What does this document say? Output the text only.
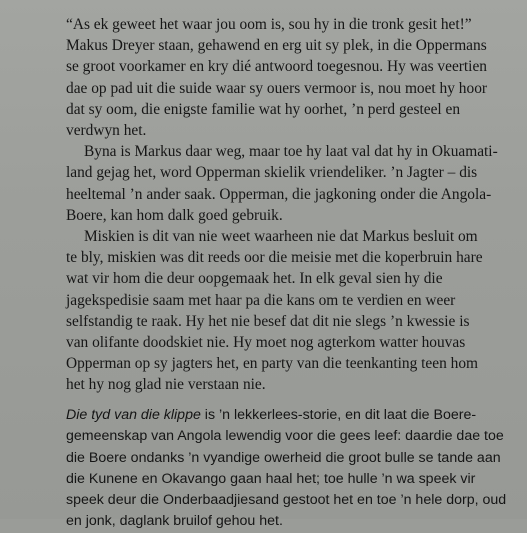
“As ek geweet het waar jou oom is, sou hy in die tronk gesit het!”
Makus Dreyer staan, gehawend en erg uit sy plek, in die Oppermans
se groot voorkamer en kry dié antwoord toegesnou. Hy was veertien
dae op pad uit die suide waar sy ouers vermoor is, nou moet hy hoor
dat sy oom, die enigste familie wat hy oorhet, ’n perd gesteel en
verdwyn het.
Byna is Markus daar weg, maar toe hy laat val dat hy in Okuamati-
land gejag het, word Opperman skielik vriendeliker. ’n Jagter – dis
heeltemal ’n ander saak. Opperman, die jagkoning onder die Angola-
Boere, kan hom dalk goed gebruik.
Miskien is dit van nie weet waarheen nie dat Markus besluit om
te bly, miskien was dit reeds oor die meisie met die koperbruin hare
wat vir hom die deur oopgemaak het. In elk geval sien hy die
jagekspedisie saam met haar pa die kans om te verdien en weer
selfstandig te raak. Hy het nie besef dat dit nie slegs ’n kwessie is
van olifante doodskiet nie. Hy moet nog agterkom watter houvas
Opperman op sy jagters het, en party van die teenkanting teen hom
het hy nog glad nie verstaan nie.
Die tyd van die klippe is ’n lekkerlees-storie, en dit laat die Boere-
gemeenskap van Angola lewendig voor die gees leef: daardie dae toe
die Boere ondanks ’n vyandige owerheid die groot bulle se tande aan
die Kunene en Okavango gaan haal het; toe hulle ’n wa speek vir
speek deur die Onderbaadjiesand gestoot het en toe ’n hele dorp, oud
en jonk, daglank bruilof gehou het.
